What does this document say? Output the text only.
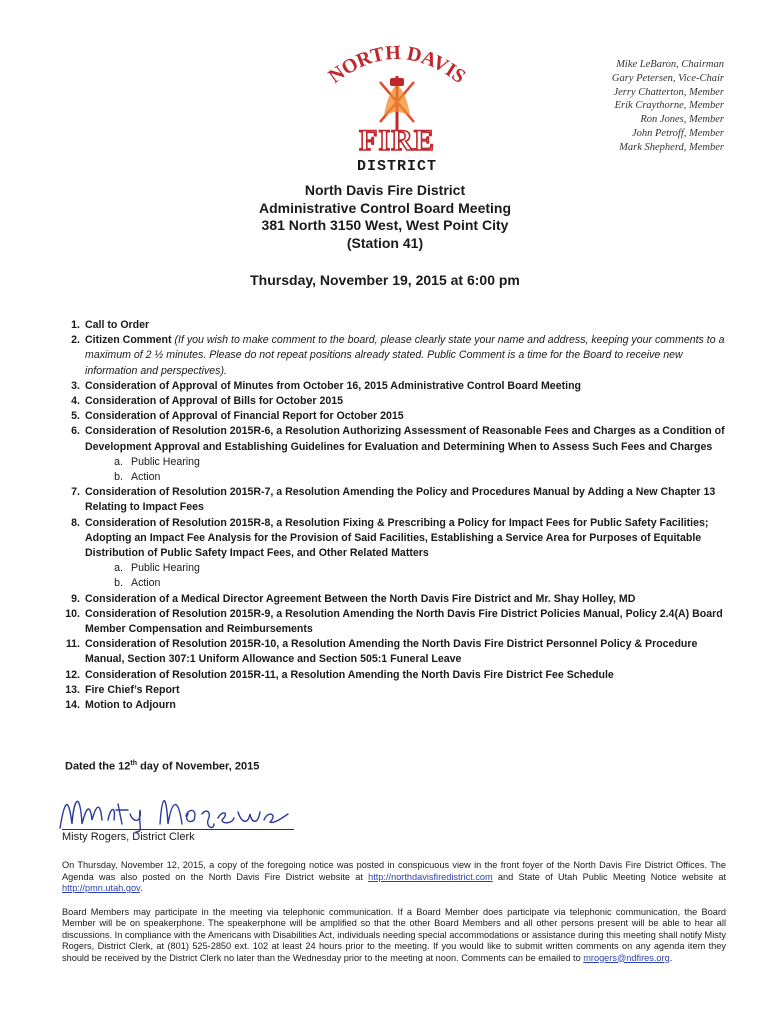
NORTH DAVIS
FIRE
DISTRICT
Mike LeBaron, Chairman
Gary Petersen, Vice-Chair
Jerry Chatterton, Member
Erik Craythorne, Member
Ron Jones, Member
John Petroff, Member
Mark Shepherd, Member
North Davis Fire District
Administrative Control Board Meeting
381 North 3150 West, West Point City
(Station 41)
Thursday, November 19, 2015 at 6:00 pm
1. Call to Order
2. Citizen Comment (If you wish to make comment to the board, please clearly state your name and address, keeping your comments to a maximum of 2 ½ minutes. Please do not repeat positions already stated. Public Comment is a time for the Board to receive new information and perspectives).
3. Consideration of Approval of Minutes from October 16, 2015 Administrative Control Board Meeting
4. Consideration of Approval of Bills for October 2015
5. Consideration of Approval of Financial Report for October 2015
6. Consideration of Resolution 2015R-6, a Resolution Authorizing Assessment of Reasonable Fees and Charges as a Condition of Development Approval and Establishing Guidelines for Evaluation and Determining When to Assess Such Fees and Charges
a. Public Hearing
b. Action
7. Consideration of Resolution 2015R-7, a Resolution Amending the Policy and Procedures Manual by Adding a New Chapter 13 Relating to Impact Fees
8. Consideration of Resolution 2015R-8, a Resolution Fixing & Prescribing a Policy for Impact Fees for Public Safety Facilities; Adopting an Impact Fee Analysis for the Provision of Said Facilities, Establishing a Service Area for Purposes of Equitable Distribution of Public Safety Impact Fees, and Other Related Matters
a. Public Hearing
b. Action
9. Consideration of a Medical Director Agreement Between the North Davis Fire District and Mr. Shay Holley, MD
10. Consideration of Resolution 2015R-9, a Resolution Amending the North Davis Fire District Policies Manual, Policy 2.4(A) Board Member Compensation and Reimbursements
11. Consideration of Resolution 2015R-10, a Resolution Amending the North Davis Fire District Personnel Policy & Procedure Manual, Section 307:1 Uniform Allowance and Section 505:1 Funeral Leave
12. Consideration of Resolution 2015R-11, a Resolution Amending the North Davis Fire District Fee Schedule
13. Fire Chief’s Report
14. Motion to Adjourn
Dated the 12th day of November, 2015
Misty Rogers, District Clerk

On Thursday, November 12, 2015, a copy of the foregoing notice was posted in conspicuous view in the front foyer of the North Davis Fire District Offices. The Agenda was also posted on the North Davis Fire District website at http://northdavisfiredistrict.com and State of Utah Public Meeting Notice website at http://pmn.utah.gov.

Board Members may participate in the meeting via telephonic communication. If a Board Member does participate via telephonic communication, the Board Member will be on speakerphone. The speakerphone will be amplified so that the other Board Members and all other persons present will be able to hear all discussions. In compliance with the Americans with Disabilities Act, individuals needing special accommodations or assistance during this meeting shall notify Misty Rogers, District Clerk, at (801) 525-2850 ext. 102 at least 24 hours prior to the meeting. If you would like to submit written comments on any agenda item they should be received by the District Clerk no later than the Wednesday prior to the meeting at noon. Comments can be emailed to mrogers@ndfires.org.
